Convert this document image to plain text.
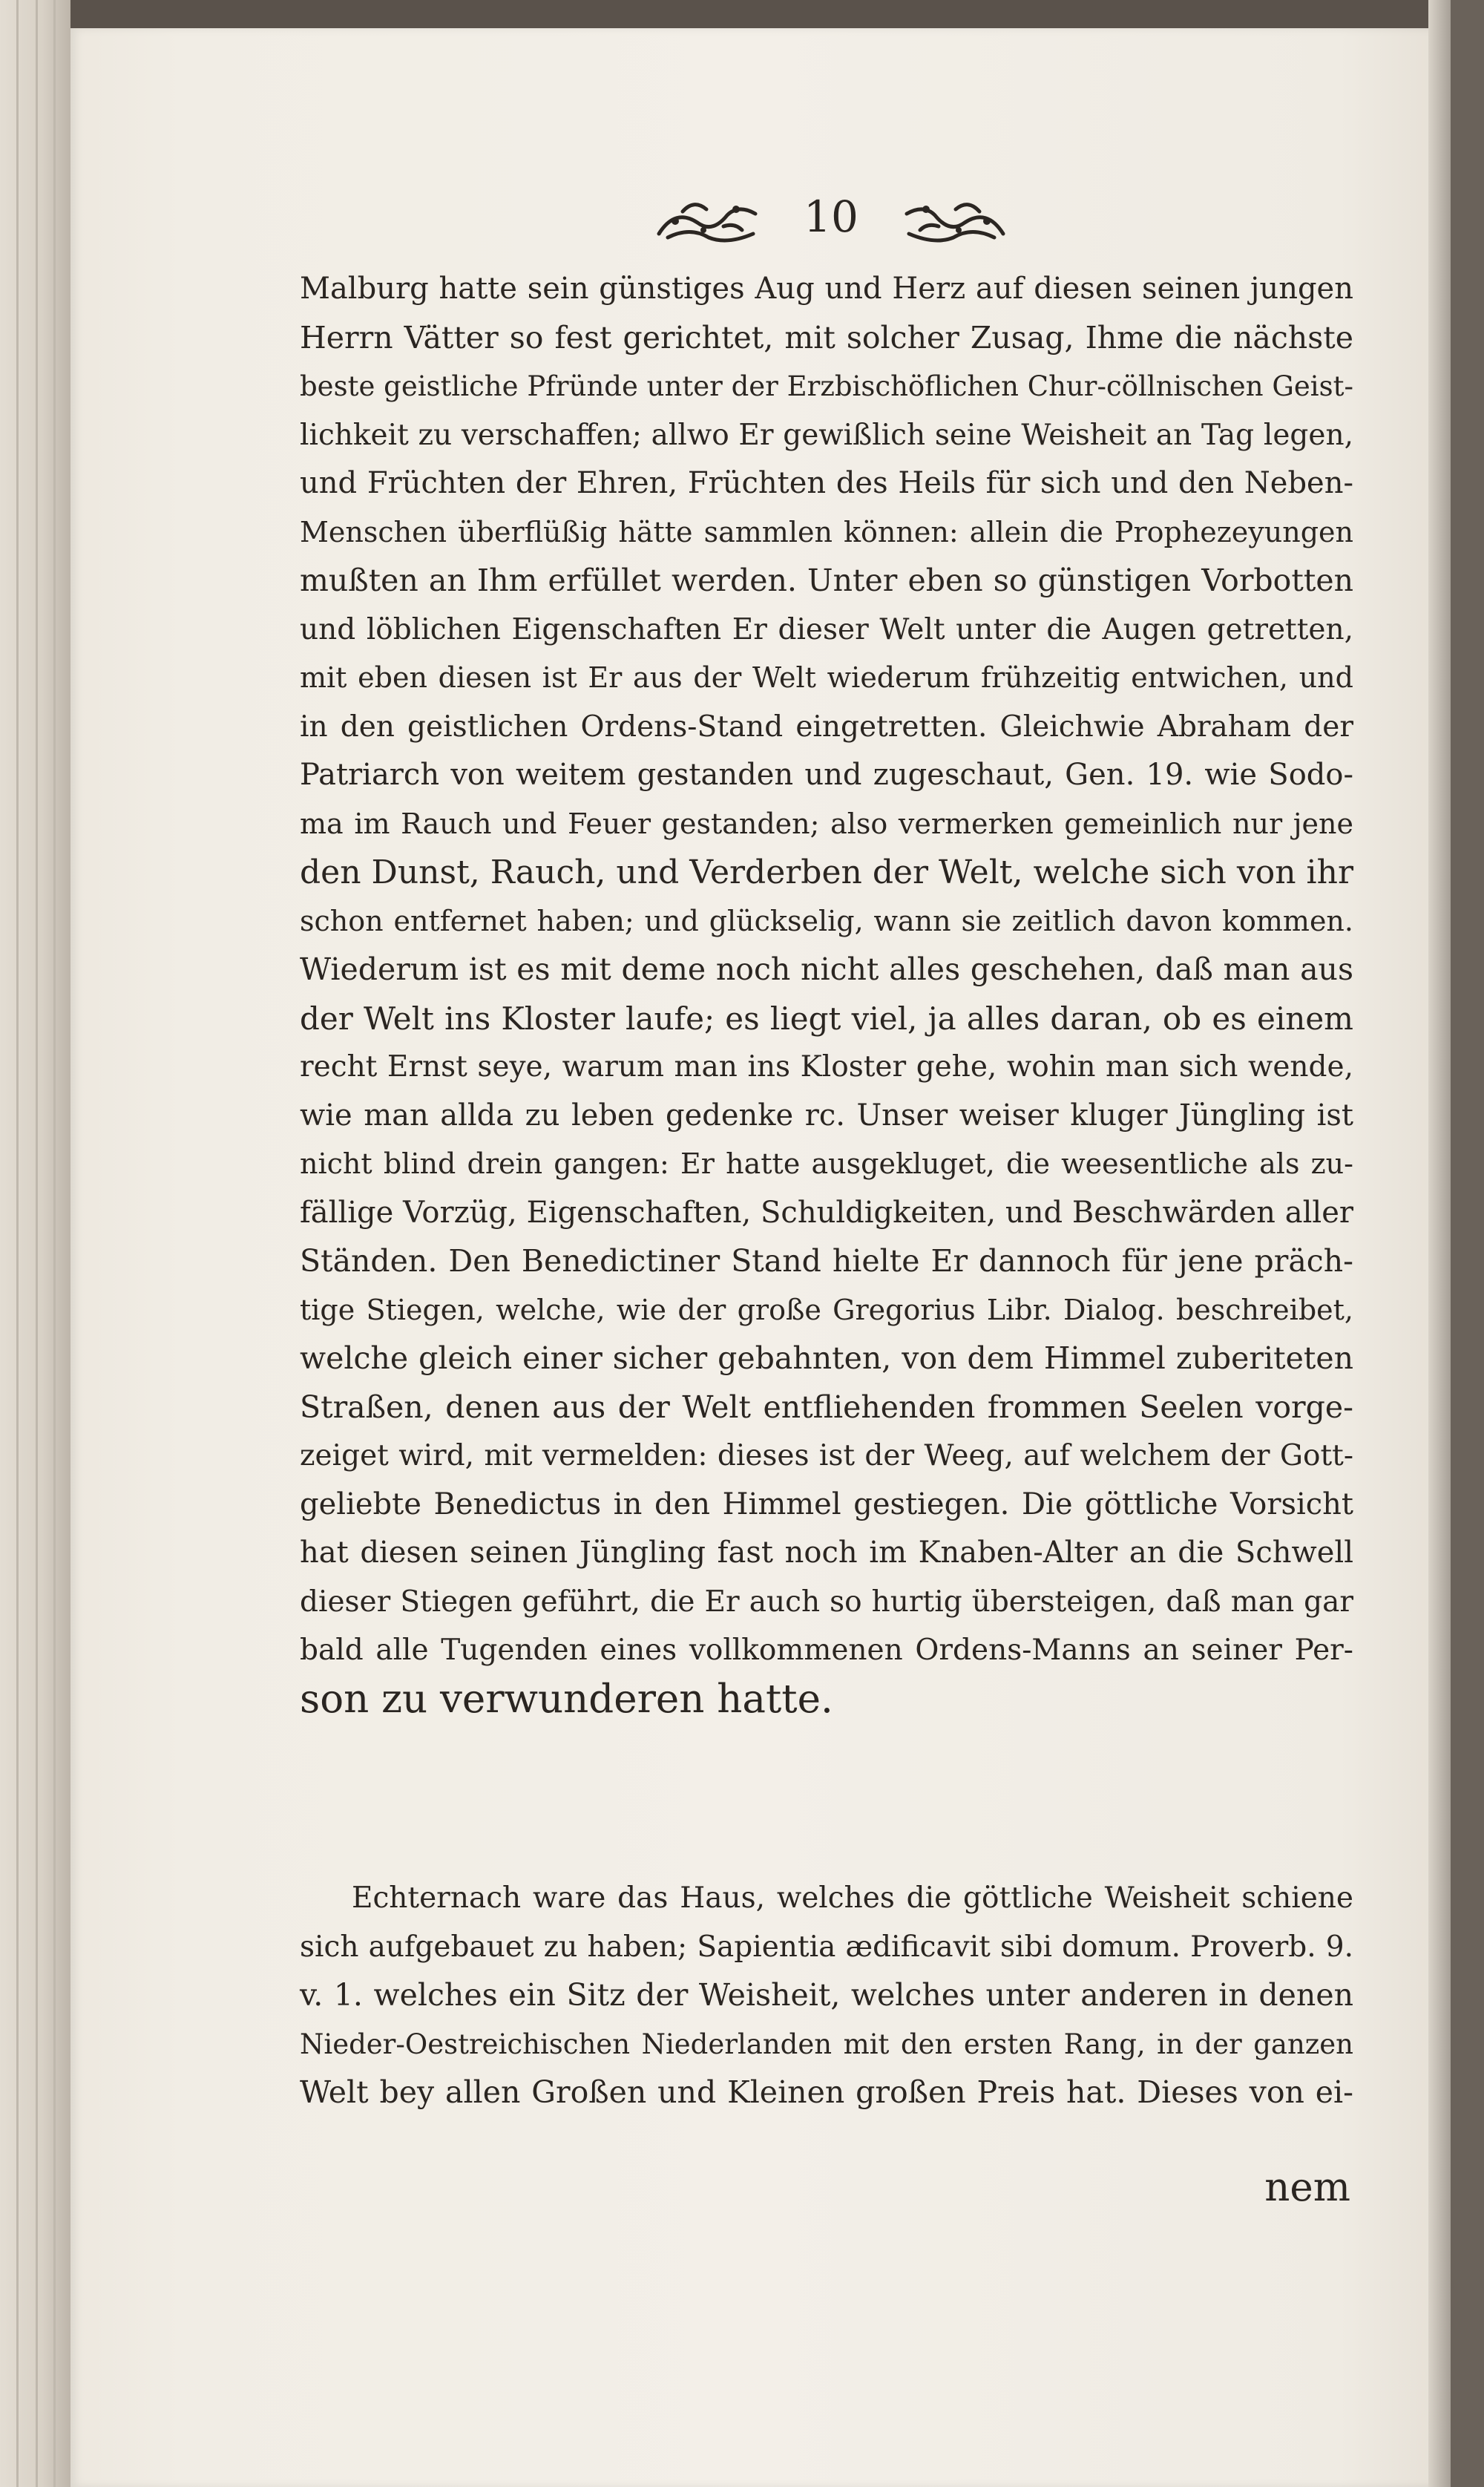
10
Malburg hatte sein günstiges Aug und Herz auf diesen seinen jungen
Herrn Vätter so fest gerichtet, mit solcher Zusag, Ihme die nächste
beste geistliche Pfründe unter der Erzbischöflichen Chur-cöllnischen Geist-
lichkeit zu verschaffen; allwo Er gewißlich seine Weisheit an Tag legen,
und Früchten der Ehren, Früchten des Heils für sich und den Neben-
Menschen überflüßig hätte sammlen können: allein die Prophezeyungen
mußten an Ihm erfüllet werden. Unter eben so günstigen Vorbotten
und löblichen Eigenschaften Er dieser Welt unter die Augen getretten,
mit eben diesen ist Er aus der Welt wiederum frühzeitig entwichen, und
in den geistlichen Ordens-Stand eingetretten. Gleichwie Abraham der
Patriarch von weitem gestanden und zugeschaut, Gen. 19. wie Sodo-
ma im Rauch und Feuer gestanden; also vermerken gemeinlich nur jene
den Dunst, Rauch, und Verderben der Welt, welche sich von ihr
schon entfernet haben; und glückselig, wann sie zeitlich davon kommen.
Wiederum ist es mit deme noch nicht alles geschehen, daß man aus
der Welt ins Kloster laufe; es liegt viel, ja alles daran, ob es einem
recht Ernst seye, warum man ins Kloster gehe, wohin man sich wende,
wie man allda zu leben gedenke rc. Unser weiser kluger Jüngling ist
nicht blind drein gangen: Er hatte ausgekluget, die weesentliche als zu-
fällige Vorzüg, Eigenschaften, Schuldigkeiten, und Beschwärden aller
Ständen. Den Benedictiner Stand hielte Er dannoch für jene präch-
tige Stiegen, welche, wie der große Gregorius Libr. Dialog. beschreibet,
welche gleich einer sicher gebahnten, von dem Himmel zuberiteten
Straßen, denen aus der Welt entfliehenden frommen Seelen vorge-
zeiget wird, mit vermelden: dieses ist der Weeg, auf welchem der Gott-
geliebte Benedictus in den Himmel gestiegen. Die göttliche Vorsicht
hat diesen seinen Jüngling fast noch im Knaben-Alter an die Schwell
dieser Stiegen geführt, die Er auch so hurtig übersteigen, daß man gar
bald alle Tugenden eines vollkommenen Ordens-Manns an seiner Per-
son zu verwunderen hatte.
Echternach ware das Haus, welches die göttliche Weisheit schiene
sich aufgebauet zu haben; Sapientia ædificavit sibi domum. Proverb. 9.
v. 1. welches ein Sitz der Weisheit, welches unter anderen in denen
Nieder-Oestreichischen Niederlanden mit den ersten Rang, in der ganzen
Welt bey allen Großen und Kleinen großen Preis hat. Dieses von ei-
nem
